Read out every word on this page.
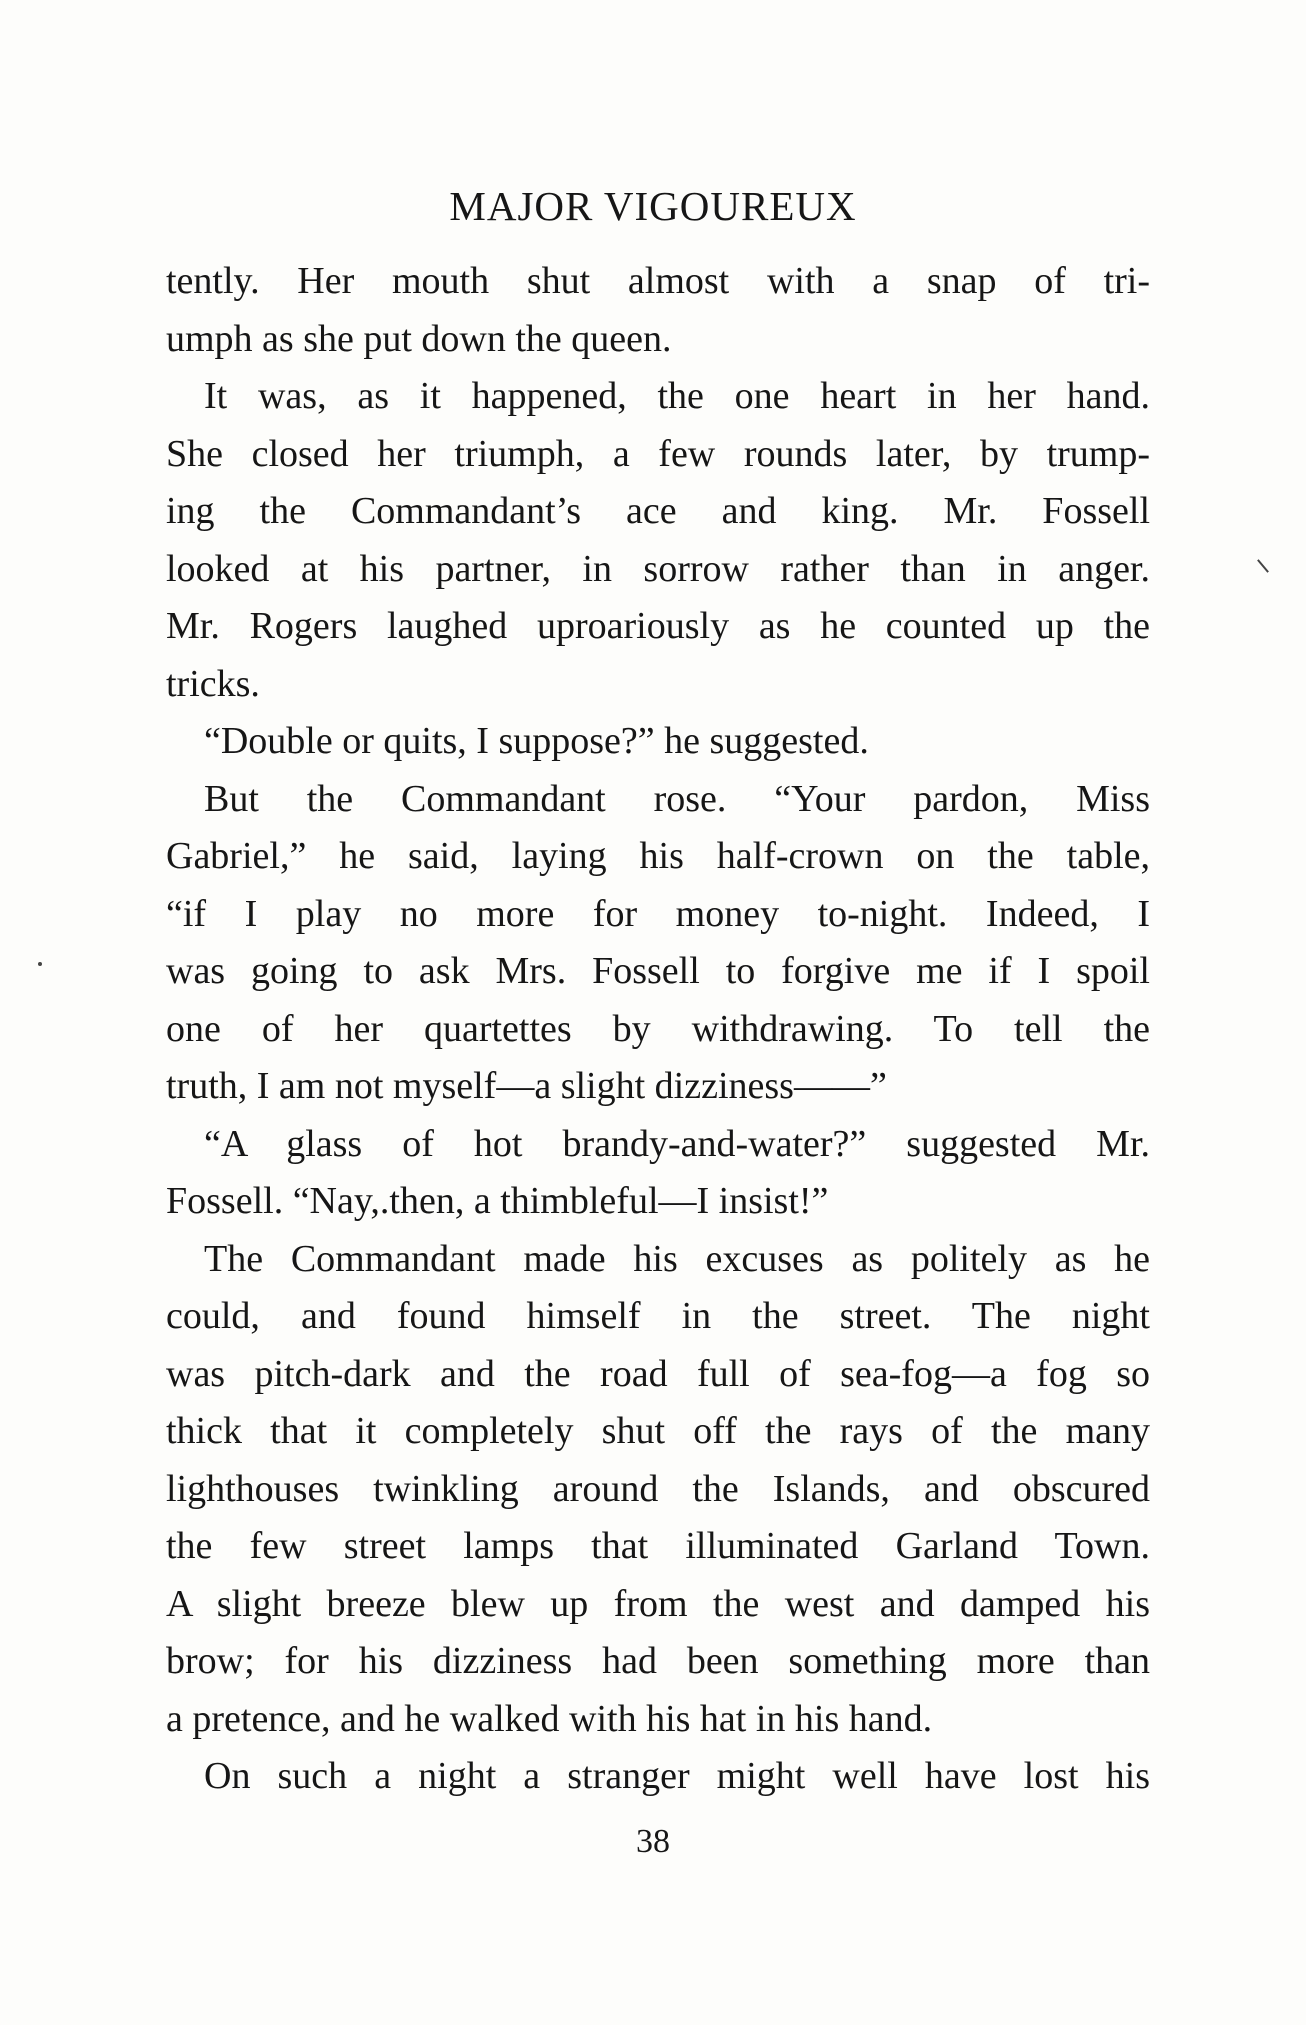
MAJOR VIGOUREUX
tently. Her mouth shut almost with a snap of tri-
umph as she put down the queen.
It was, as it happened, the one heart in her hand.
She closed her triumph, a few rounds later, by trump-
ing the Commandant’s ace and king. Mr. Fossell
looked at his partner, in sorrow rather than in anger.
Mr. Rogers laughed uproariously as he counted up the
tricks.
“Double or quits, I suppose?” he suggested.
But the Commandant rose. “Your pardon, Miss
Gabriel,” he said, laying his half-crown on the table,
“if I play no more for money to-night. Indeed, I
was going to ask Mrs. Fossell to forgive me if I spoil
one of her quartettes by withdrawing. To tell the
truth, I am not myself—a slight dizziness——”
“A glass of hot brandy-and-water?” suggested Mr.
Fossell. “Nay,.then, a thimbleful—I insist!”
The Commandant made his excuses as politely as he
could, and found himself in the street. The night
was pitch-dark and the road full of sea-fog—a fog so
thick that it completely shut off the rays of the many
lighthouses twinkling around the Islands, and obscured
the few street lamps that illuminated Garland Town.
A slight breeze blew up from the west and damped his
brow; for his dizziness had been something more than
a pretence, and he walked with his hat in his hand.
On such a night a stranger might well have lost his
38
